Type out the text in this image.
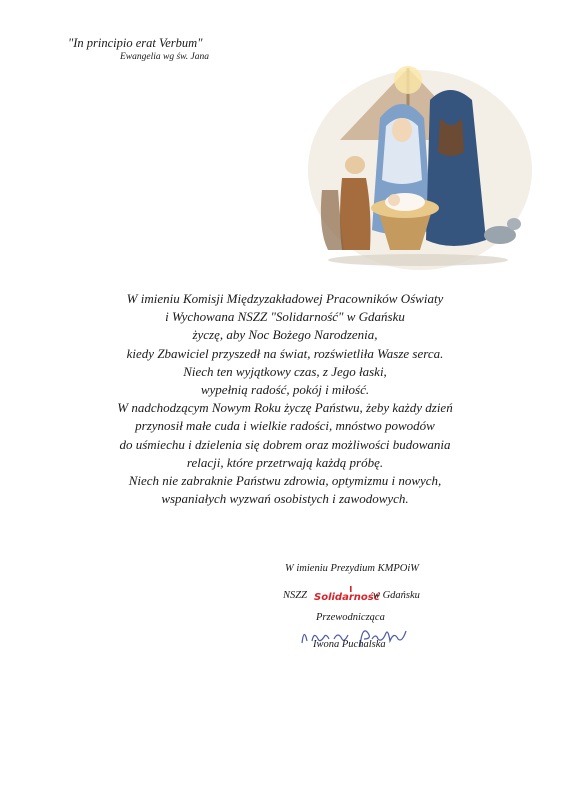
"In principio erat Verbum"
Ewangelia wg św. Jana
W imieniu Komisji Międzyzakładowej Pracowników Oświaty
i Wychowana NSZZ "Solidarność" w Gdańsku
życzę, aby Noc Bożego Narodzenia,
kiedy Zbawiciel przyszedł na świat, rozświetliła Wasze serca.
Niech ten wyjątkowy czas, z Jego łaski,
wypełnią radość, pokój i miłość.
W nadchodzącym Nowym Roku życzę Państwu, żeby każdy dzień
przynosił małe cuda i wielkie radości, mnóstwo powodów
do uśmiechu i dzielenia się dobrem oraz możliwości budowania
relacji, które przetrwają każdą próbę.
Niech nie zabraknie Państwu zdrowia, optymizmu i nowych,
wspaniałych wyzwań osobistych i zawodowych.
W imieniu Prezydium KMPOiW
NSZZ Solidarność
w Gdańsku
Przewodnicząca
Iwona Puchalska
